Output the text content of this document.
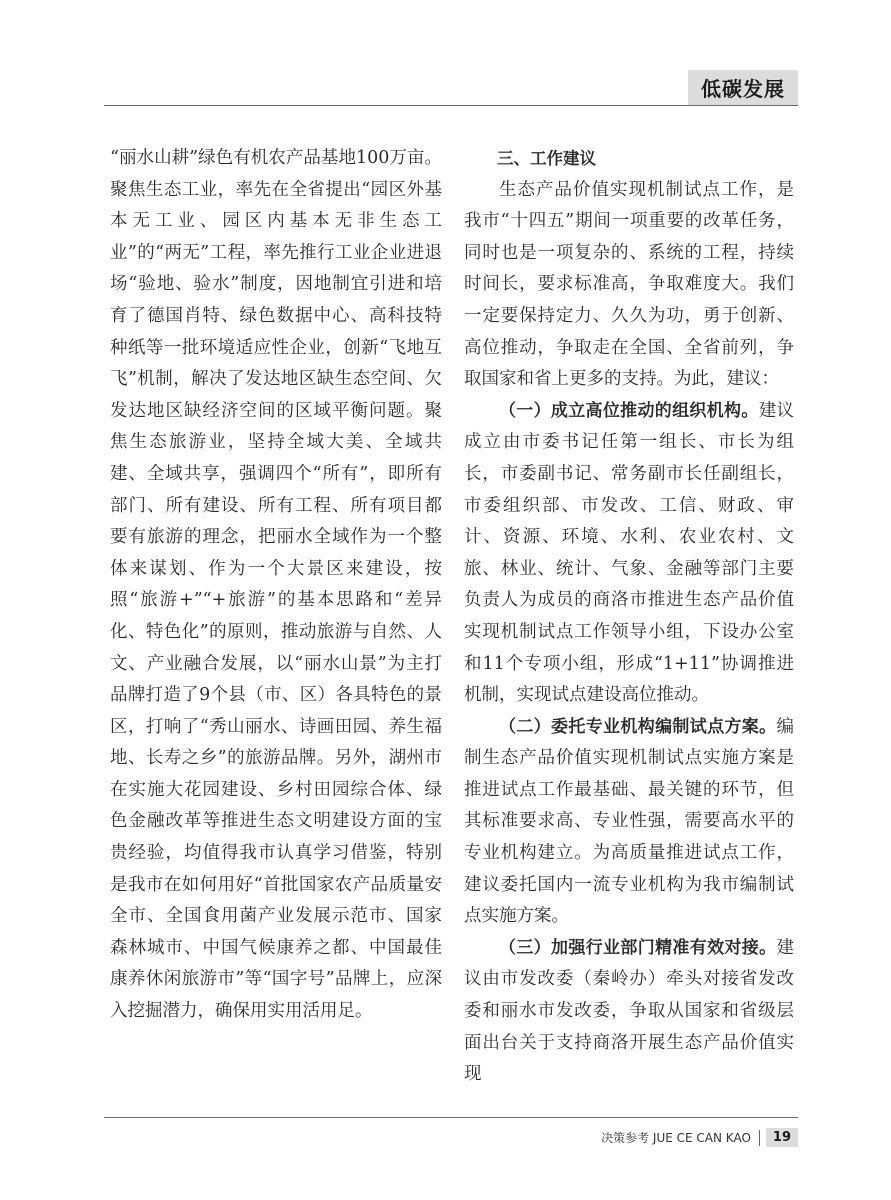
低碳发展

“丽水山耕”绿色有机农产品基地100万亩。聚焦生态工业，率先在全省提出“园区外基本无工业、园区内基本无非生态工业”的“两无”工程，率先推行工业企业进退场“验地、验水”制度，因地制宜引进和培育了德国肖特、绿色数据中心、高科技特种纸等一批环境适应性企业，创新“飞地互飞”机制，解决了发达地区缺生态空间、欠发达地区缺经济空间的区域平衡问题。聚焦生态旅游业，坚持全域大美、全域共建、全域共享，强调四个“所有”，即所有部门、所有建设、所有工程、所有项目都要有旅游的理念，把丽水全域作为一个整体来谋划、作为一个大景区来建设，按照“旅游+”“+旅游”的基本思路和“差异化、特色化”的原则，推动旅游与自然、人文、产业融合发展，以“丽水山景”为主打品牌打造了9个县（市、区）各具特色的景区，打响了“秀山丽水、诗画田园、养生福地、长寿之乡”的旅游品牌。另外，湖州市在实施大花园建设、乡村田园综合体、绿色金融改革等推进生态文明建设方面的宝贵经验，均值得我市认真学习借鉴，特别是我市在如何用好“首批国家农产品质量安全市、全国食用菌产业发展示范市、国家森林城市、中国气候康养之都、中国最佳康养休闲旅游市”等“国字号”品牌上，应深入挖掘潜力，确保用实用活用足。

三、工作建议

生态产品价值实现机制试点工作，是我市“十四五”期间一项重要的改革任务，同时也是一项复杂的、系统的工程，持续时间长，要求标准高，争取难度大。我们一定要保持定力、久久为功，勇于创新、高位推动，争取走在全国、全省前列，争取国家和省上更多的支持。为此，建议：

（一）成立高位推动的组织机构。建议成立由市委书记任第一组长、市长为组长，市委副书记、常务副市长任副组长，市委组织部、市发改、工信、财政、审计、资源、环境、水利、农业农村、文旅、林业、统计、气象、金融等部门主要负责人为成员的商洛市推进生态产品价值实现机制试点工作领导小组，下设办公室和11个专项小组，形成“1+11”协调推进机制，实现试点建设高位推动。

（二）委托专业机构编制试点方案。编制生态产品价值实现机制试点实施方案是推进试点工作最基础、最关键的环节，但其标准要求高、专业性强，需要高水平的专业机构建立。为高质量推进试点工作，建议委托国内一流专业机构为我市编制试点实施方案。

（三）加强行业部门精准有效对接。建议由市发改委（秦岭办）牵头对接省发改委和丽水市发改委，争取从国家和省级层面出台关于支持商洛开展生态产品价值实现

决策参考 JUE CE CAN KAO	19
